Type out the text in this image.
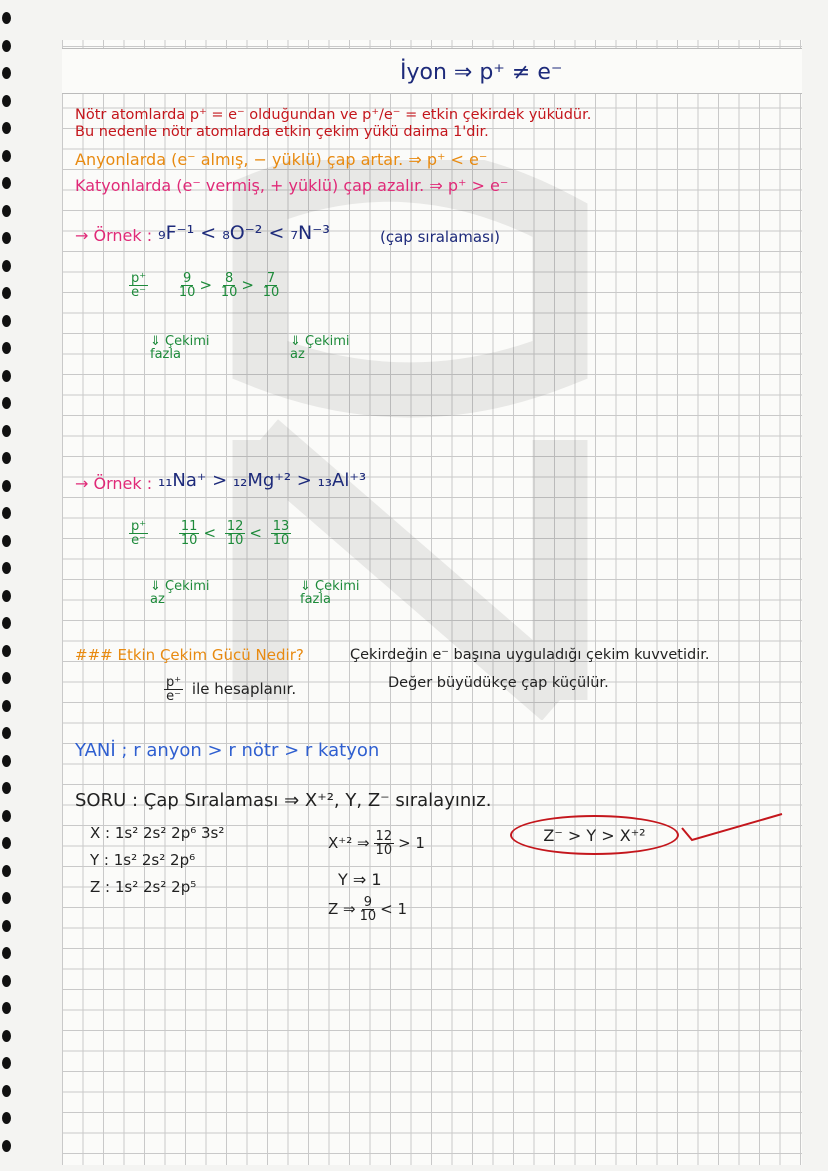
İyon ⇒ p⁺ ≠ e⁻
Nötr atomlarda p⁺ = e⁻ olduğundan ve p⁺/e⁻ = etkin çekirdek yüküdür.
Bu nedenle nötr atomlarda etkin çekim yükü daima 1'dir.
Anyonlarda (e⁻ almış, − yüklü) çap artar. ⇒ p⁺ < e⁻
Katyonlarda (e⁻ vermiş, + yüklü) çap azalır. ⇒ p⁺ > e⁻
→ Örnek : ₉F⁻¹ < ₈O⁻² < ₇N⁻³	(çap sıralaması)
$\frac{p^+}{e^-}$
$\frac{9}{10} > \frac{8}{10} > \frac{7}{10}$
⇓ Çekimi fazla
⇓ Çekimi az
→ Örnek : ₁₁Na⁺ > ₁₂Mg⁺² > ₁₃Al⁺³
$\frac{p^+}{e^-}$
$\frac{11}{10} < \frac{12}{10} < \frac{13}{10}$
⇓ Çekimi az
⇓ Çekimi fazla
### Etkin Çekim Gücü Nedir?	Çekirdeğin e⁻ başına uyguladığı çekim kuvvetidir.
$\frac{p^+}{e^-}$ ile hesaplanır.	Değer büyüdükçe çap küçülür.
YANİ ; r anyon > r nötr > r katyon
SORU : Çap Sıralaması ⇒ X⁺², Y, Z⁻ sıralayınız.
X : 1s² 2s² 2p⁶ 3s²
Y : 1s² 2s² 2p⁶
Z : 1s² 2s² 2p⁵
X⁺² ⇒ $\frac{12}{10} > 1$
Y ⇒ 1
Z ⇒ $\frac{9}{10} < 1$
Z⁻ > Y > X⁺²
